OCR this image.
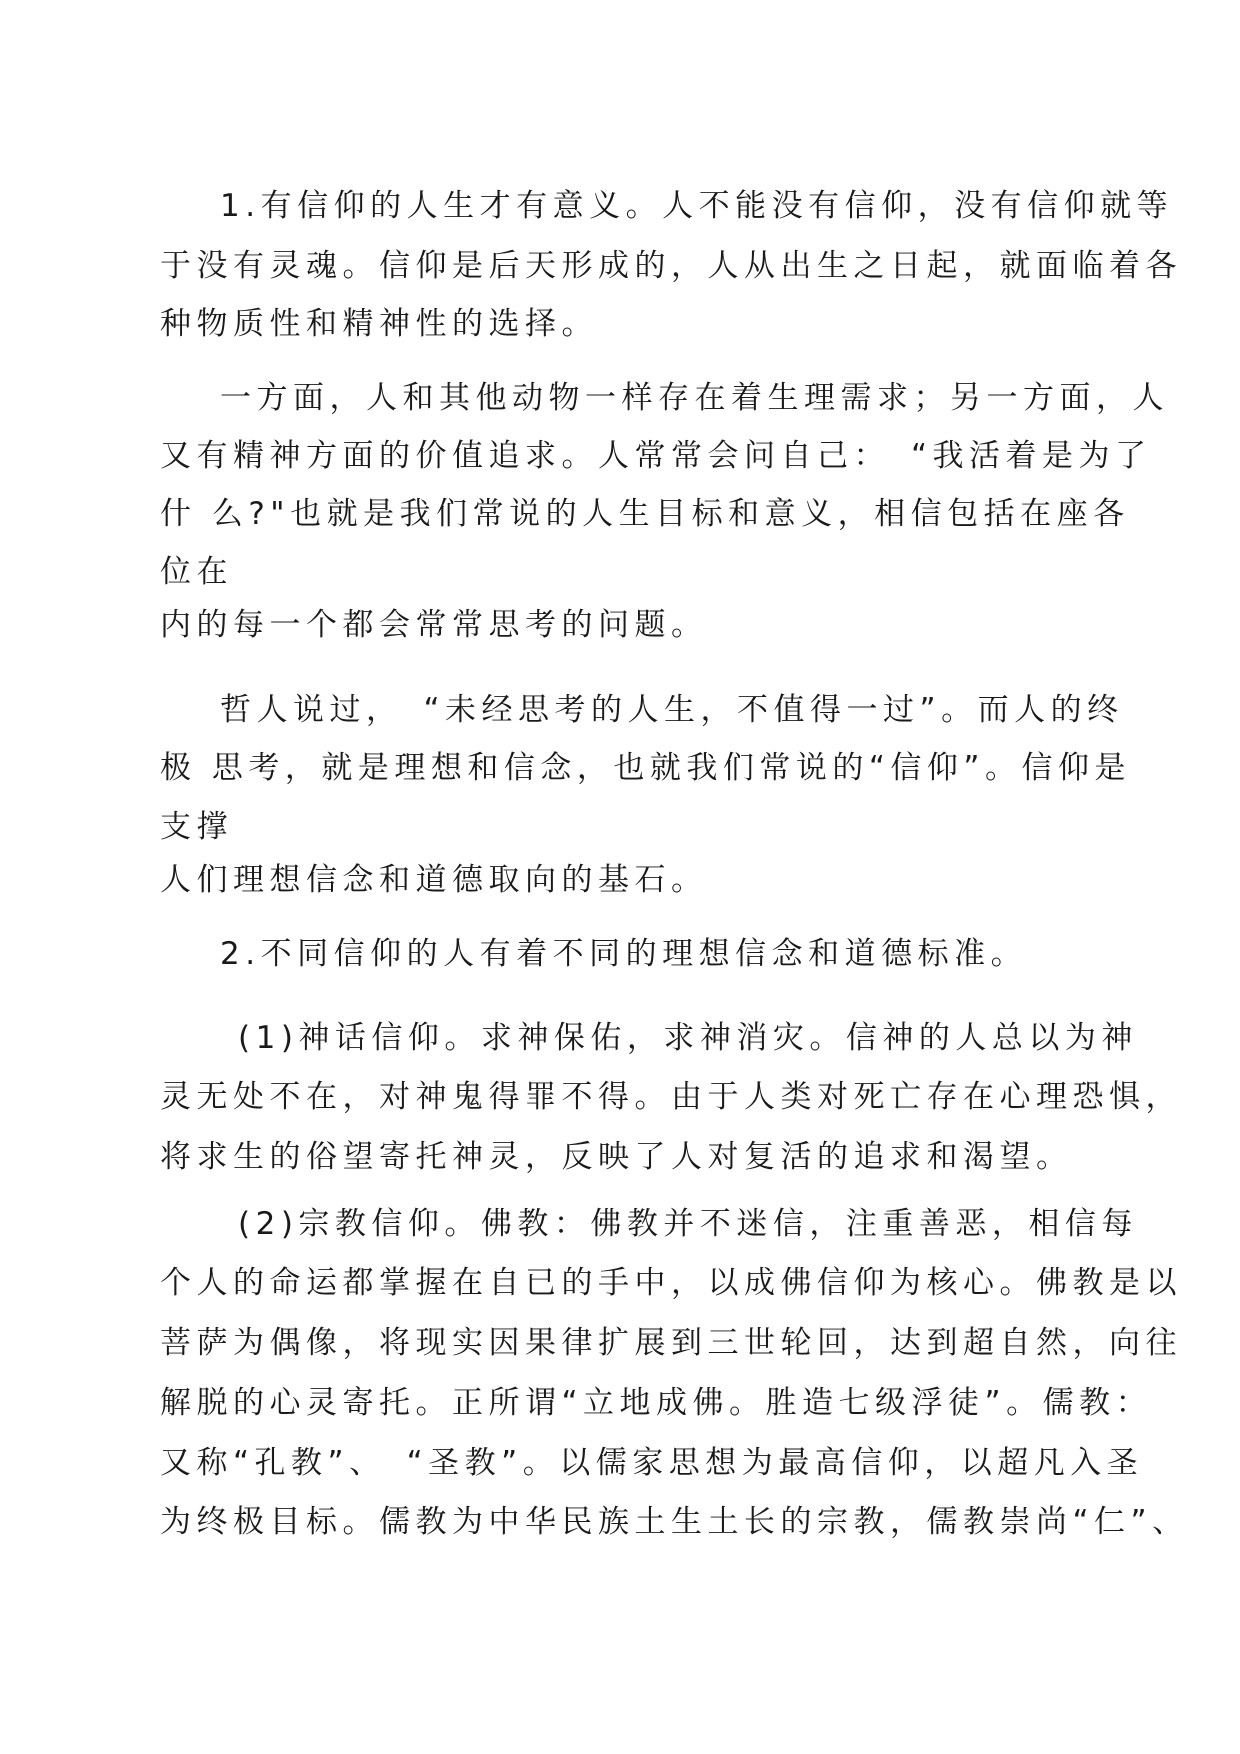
1.有信仰的人生才有意义。人不能没有信仰，没有信仰就等

于没有灵魂。信仰是后天形成的，人从出生之日起，就面临着各

种物质性和精神性的选择。

一方面，人和其他动物一样存在着生理需求；另一方面，人

又有精神方面的价值追求。人常常会问自己：　“我活着是为了

什 么?"也就是我们常说的人生目标和意义，相信包括在座各

位在

内的每一个都会常常思考的问题。

哲人说过，　“未经思考的人生，不值得一过”。而人的终

极 思考，就是理想和信念，也就我们常说的“信仰”。信仰是

支撑

人们理想信念和道德取向的基石。

2.不同信仰的人有着不同的理想信念和道德标准。

(1)神话信仰。求神保佑，求神消灾。信神的人总以为神

灵无处不在，对神鬼得罪不得。由于人类对死亡存在心理恐惧，

将求生的俗望寄托神灵，反映了人对复活的追求和渴望。

(2)宗教信仰。佛教：佛教并不迷信，注重善恶，相信每

个人的命运都掌握在自已的手中，以成佛信仰为核心。佛教是以

菩萨为偶像，将现实因果律扩展到三世轮回，达到超自然，向往

解脱的心灵寄托。正所谓“立地成佛。胜造七级浮徒”。儒教：

又称“孔教”、　“圣教”。以儒家思想为最高信仰，以超凡入圣

为终极目标。儒教为中华民族土生土长的宗教，儒教崇尚“仁”、
